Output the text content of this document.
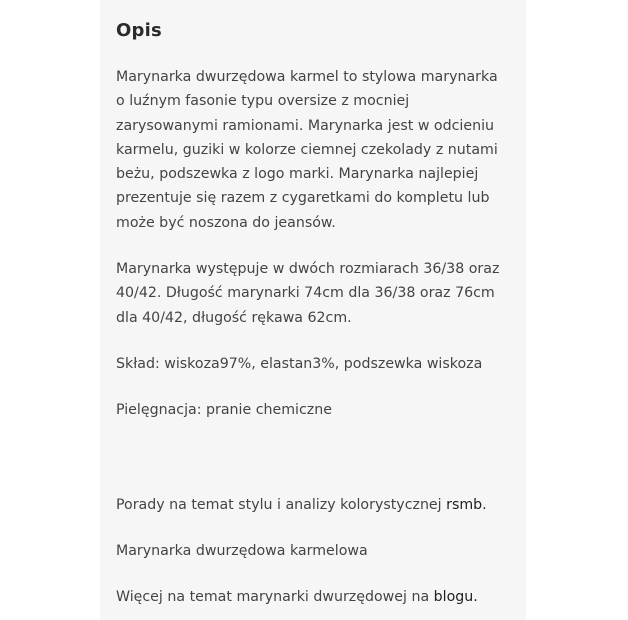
Opis

Marynarka dwurzędowa karmel to stylowa marynarka o luźnym fasonie typu oversize z mocniej zarysowanymi ramionami. Marynarka jest w odcieniu karmelu, guziki w kolorze ciemnej czekolady z nutami beżu, podszewka z logo marki. Marynarka najlepiej prezentuje się razem z cygaretkami do kompletu lub może być noszona do jeansów.

Marynarka występuje w dwóch rozmiarach 36/38 oraz 40/42. Długość marynarki 74cm dla 36/38 oraz 76cm dla 40/42, długość rękawa 62cm.

Skład: wiskoza97%, elastan3%, podszewka wiskoza

Pielęgnacja: pranie chemiczne

Porady na temat stylu i analizy kolorystycznej rsmb.

Marynarka dwurzędowa karmelowa

Więcej na temat marynarki dwurzędowej na blogu.
